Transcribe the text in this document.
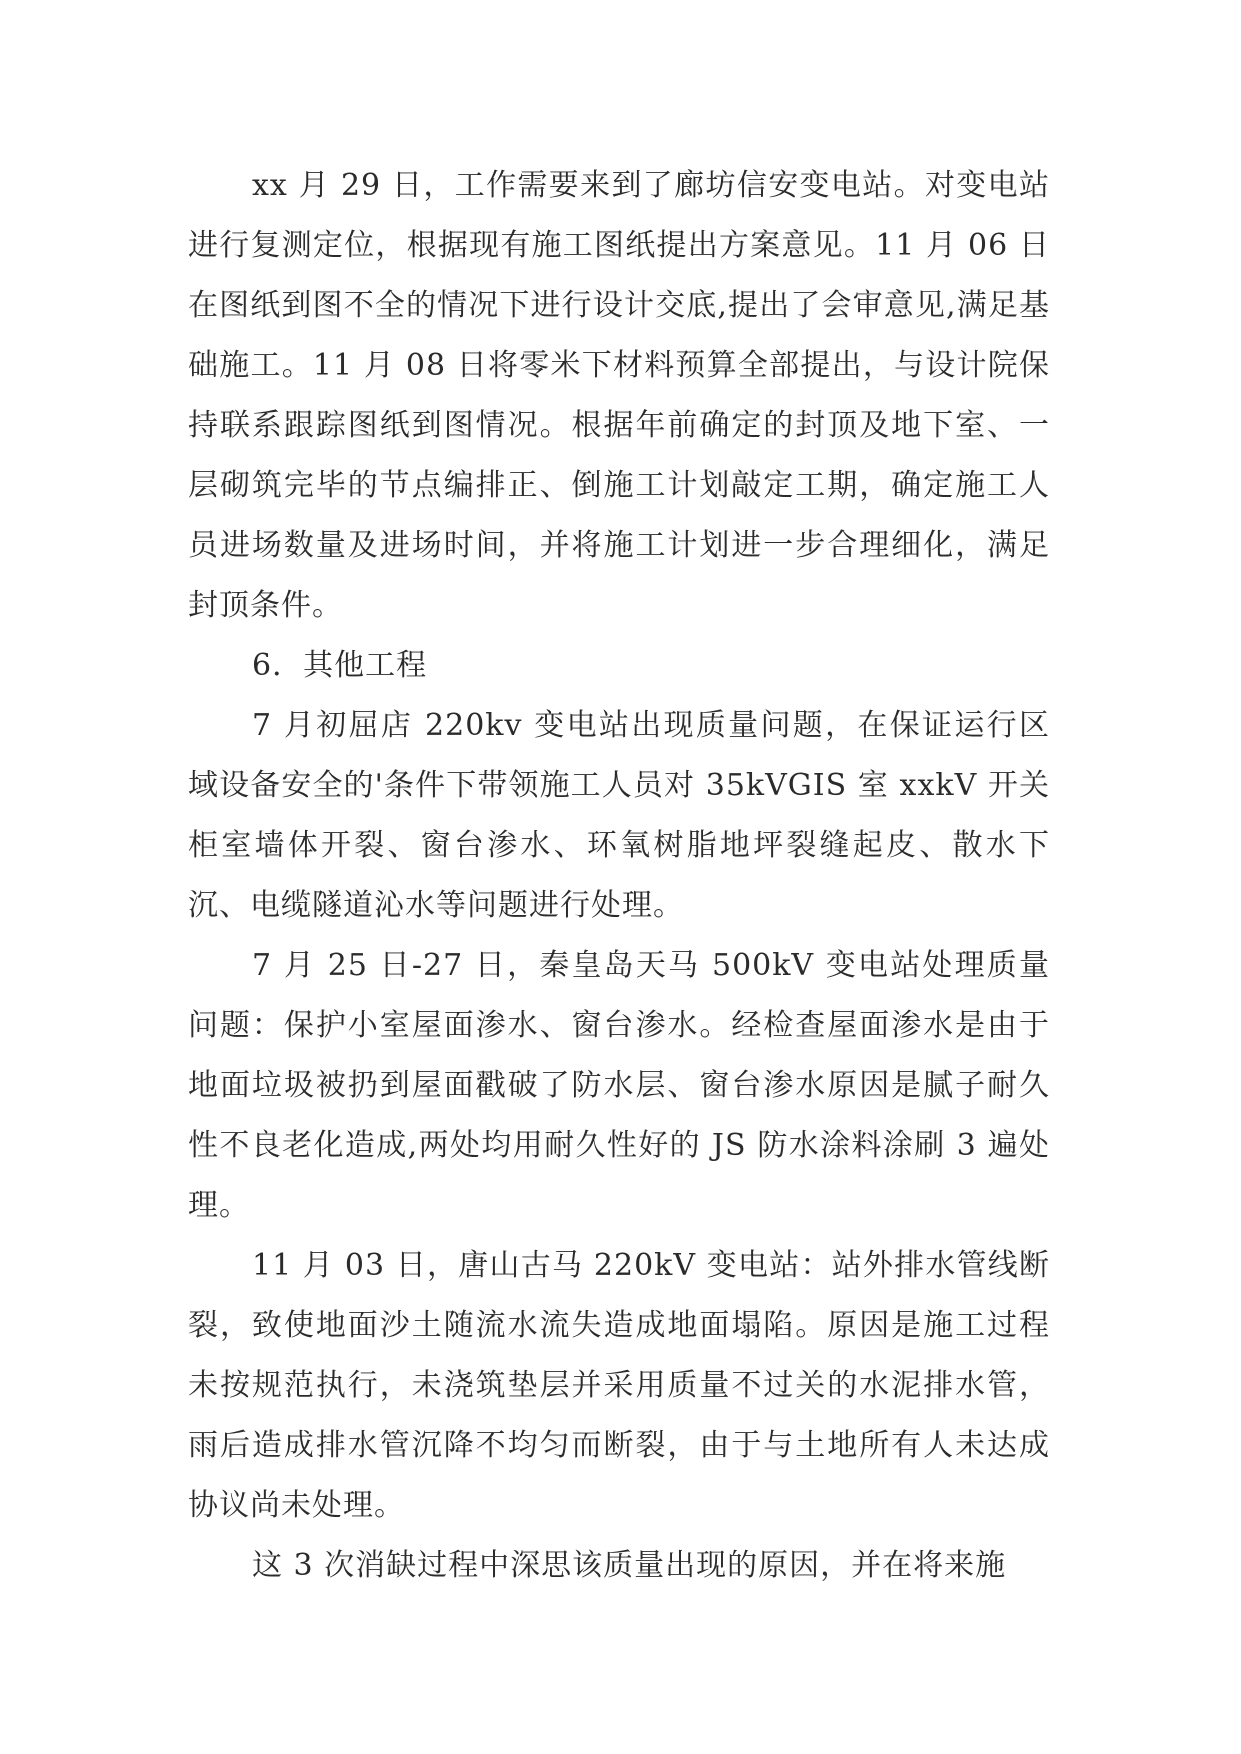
xx 月 29 日，工作需要来到了廊坊信安变电站。对变电站进行复测定位，根据现有施工图纸提出方案意见。11 月 06 日在图纸到图不全的情况下进行设计交底,提出了会审意见,满足基础施工。11 月 08 日将零米下材料预算全部提出，与设计院保持联系跟踪图纸到图情况。根据年前确定的封顶及地下室、一层砌筑完毕的节点编排正、倒施工计划敲定工期，确定施工人员进场数量及进场时间，并将施工计划进一步合理细化，满足封顶条件。

6．其他工程

7 月初屈店 220kv 变电站出现质量问题，在保证运行区域设备安全的'条件下带领施工人员对 35kVGIS 室 xxkV 开关柜室墙体开裂、窗台渗水、环氧树脂地坪裂缝起皮、散水下沉、电缆隧道沁水等问题进行处理。

7 月 25 日-27 日，秦皇岛天马 500kV 变电站处理质量问题：保护小室屋面渗水、窗台渗水。经检查屋面渗水是由于地面垃圾被扔到屋面戳破了防水层、窗台渗水原因是腻子耐久性不良老化造成,两处均用耐久性好的 JS 防水涂料涂刷 3 遍处理。

11 月 03 日，唐山古马 220kV 变电站：站外排水管线断裂，致使地面沙土随流水流失造成地面塌陷。原因是施工过程未按规范执行，未浇筑垫层并采用质量不过关的水泥排水管，雨后造成排水管沉降不均匀而断裂，由于与土地所有人未达成协议尚未处理。

这 3 次消缺过程中深思该质量出现的原因，并在将来施
